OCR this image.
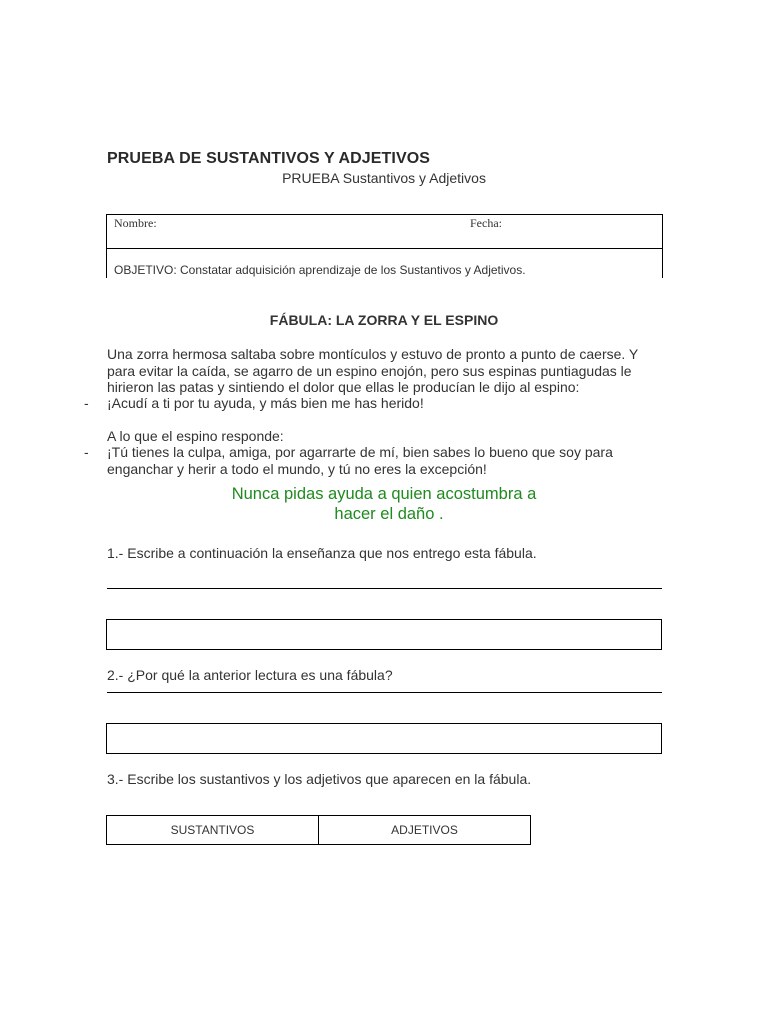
PRUEBA DE SUSTANTIVOS Y ADJETIVOS
PRUEBA Sustantivos y Adjetivos
Nombre:	Fecha:
OBJETIVO: Constatar adquisición aprendizaje de los Sustantivos y Adjetivos.
FÁBULA: LA ZORRA Y EL ESPINO
Una zorra hermosa saltaba sobre montículos y estuvo de pronto a punto de caerse. Y
para evitar la caída, se agarro de un espino enojón, pero sus espinas puntiagudas le
hirieron las patas y sintiendo el dolor que ellas le producían le dijo al espino:
- ¡Acudí a ti por tu ayuda, y más bien me has herido!
A lo que el espino responde:
- ¡Tú tienes la culpa, amiga, por agarrarte de mí, bien sabes lo bueno que soy para
enganchar y herir a todo el mundo, y tú no eres la excepción!
Nunca pidas ayuda a quien acostumbra a
hacer el daño .
1.- Escribe a continuación la enseñanza que nos entrego esta fábula.
2.- ¿Por qué la anterior lectura es una fábula?
3.- Escribe los sustantivos y los adjetivos que aparecen en la fábula.
SUSTANTIVOS	ADJETIVOS
